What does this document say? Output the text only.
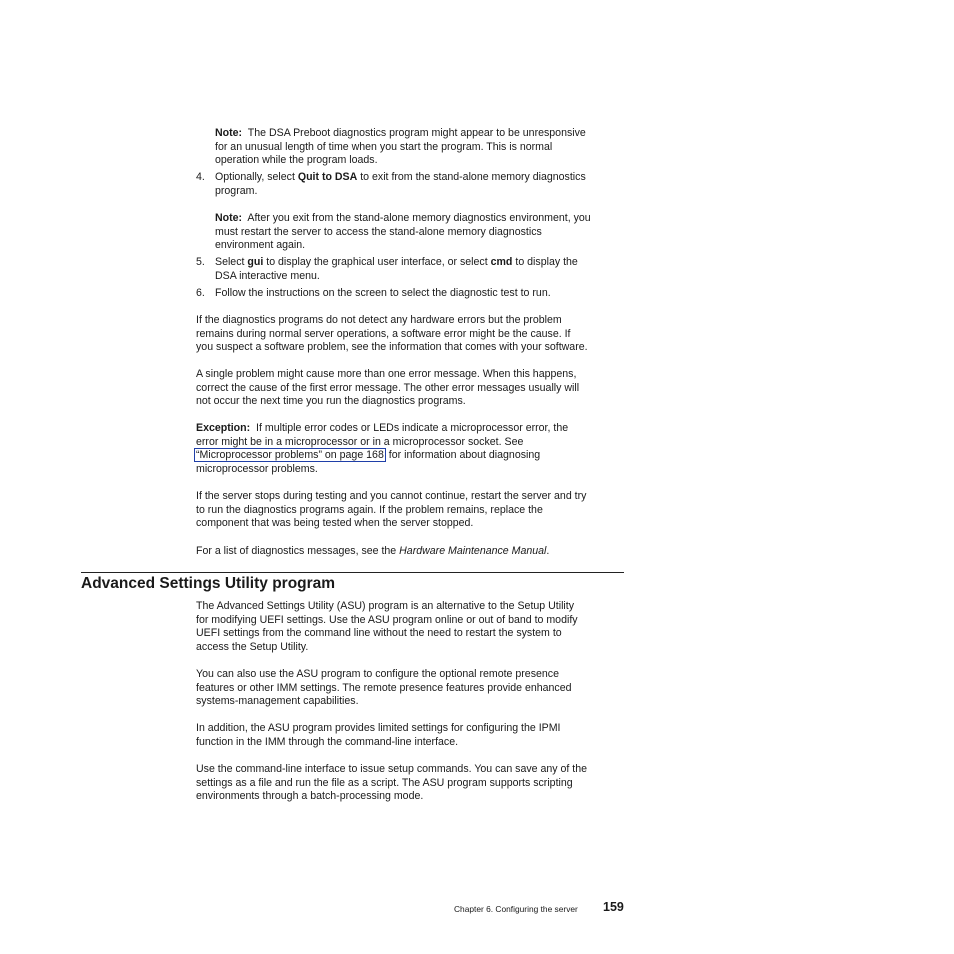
Note: The DSA Preboot diagnostics program might appear to be unresponsive
for an unusual length of time when you start the program. This is normal
operation while the program loads.
4. Optionally, select Quit to DSA to exit from the stand-alone memory diagnostics
program.
Note: After you exit from the stand-alone memory diagnostics environment, you
must restart the server to access the stand-alone memory diagnostics
environment again.
5. Select gui to display the graphical user interface, or select cmd to display the
DSA interactive menu.
6. Follow the instructions on the screen to select the diagnostic test to run.
If the diagnostics programs do not detect any hardware errors but the problem
remains during normal server operations, a software error might be the cause. If
you suspect a software problem, see the information that comes with your software.
A single problem might cause more than one error message. When this happens,
correct the cause of the first error message. The other error messages usually will
not occur the next time you run the diagnostics programs.
Exception: If multiple error codes or LEDs indicate a microprocessor error, the
error might be in a microprocessor or in a microprocessor socket. See
“Microprocessor problems” on page 168 for information about diagnosing
microprocessor problems.
If the server stops during testing and you cannot continue, restart the server and try
to run the diagnostics programs again. If the problem remains, replace the
component that was being tested when the server stopped.
For a list of diagnostics messages, see the Hardware Maintenance Manual.
Advanced Settings Utility program
The Advanced Settings Utility (ASU) program is an alternative to the Setup Utility
for modifying UEFI settings. Use the ASU program online or out of band to modify
UEFI settings from the command line without the need to restart the system to
access the Setup Utility.
You can also use the ASU program to configure the optional remote presence
features or other IMM settings. The remote presence features provide enhanced
systems-management capabilities.
In addition, the ASU program provides limited settings for configuring the IPMI
function in the IMM through the command-line interface.
Use the command-line interface to issue setup commands. You can save any of the
settings as a file and run the file as a script. The ASU program supports scripting
environments through a batch-processing mode.
Chapter 6. Configuring the server 159
